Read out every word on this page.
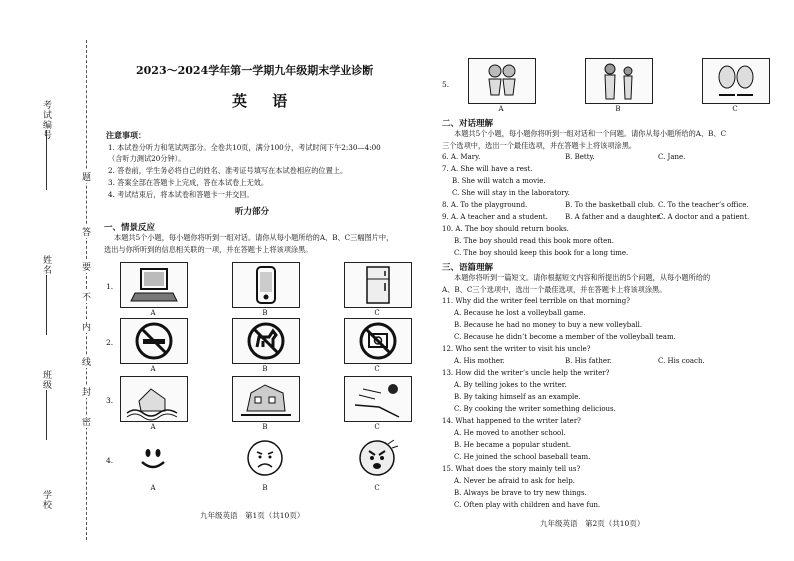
考试编号
姓名
班级
学校
题
答
要
不
内
线
封
密
2023～2024学年第一学期九年级期末学业诊断
英 语
注意事项：
1. 本试卷分听力和笔试两部分。全卷共10页，满分100分，考试时间下午2:30—4:00
（含听力测试20分钟）。
2. 答卷前，学生务必将自己的姓名、准考证号填写在本试卷相应的位置上。
3. 答案全部在答题卡上完成，答在本试卷上无效。
4. 考试结束后，将本试卷和答题卡一并交回。
听力部分
一、情景反应
本题共5个小题，每小题你将听到一组对话。请你从每小题所给的A、B、C三幅图片中，
选出与你所听到的信息相关联的一项，并在答题卡上将该项涂黑。
1.
A	B	C
2.
A	B	C
3.
A	B	C
4.
A	B	C
九年级英语　第1页（共10页）
5.
A	B	C
二、对话理解
本题共5个小题，每小题你将听到一组对话和一个问题。请你从每小题所给的A、B、C
三个选项中，选出一个最佳选项，并在答题卡上将该项涂黑。
6. A. Mary.	B. Betty.	C. Jane.
7. A. She will have a rest.
B. She will watch a movie.
C. She will stay in the laboratory.
8. A. To the playground.	B. To the basketball club. C. To the teacher’s office.
9. A. A teacher and a student. B. A father and a daughter.
C. A doctor and a patient.
10. A. The boy should return books.
B. The boy should read this book more often.
C. The boy should keep this book for a long time.
三、语篇理解
本题你将听到一篇短文。请你根据短文内容和所提出的5个问题，从每小题所给的
A、B、C三个选项中，选出一个最佳选项，并在答题卡上将该项涂黑。
11. Why did the writer feel terrible on that morning?
A. Because he lost a volleyball game.
B. Because he had no money to buy a new volleyball.
C. Because he didn’t become a member of the volleyball team.
12. Who sent the writer to visit his uncle?
A. His mother.	B. His father.	C. His coach.
13. How did the writer’s uncle help the writer?
A. By telling jokes to the writer.
B. By taking himself as an example.
C. By cooking the writer something delicious.
14. What happened to the writer later?
A. He moved to another school.
B. He became a popular student.
C. He joined the school baseball team.
15. What does the story mainly tell us?
A. Never be afraid to ask for help.
B. Always be brave to try new things.
C. Often play with children and have fun.
九年级英语　第2页（共10页）
